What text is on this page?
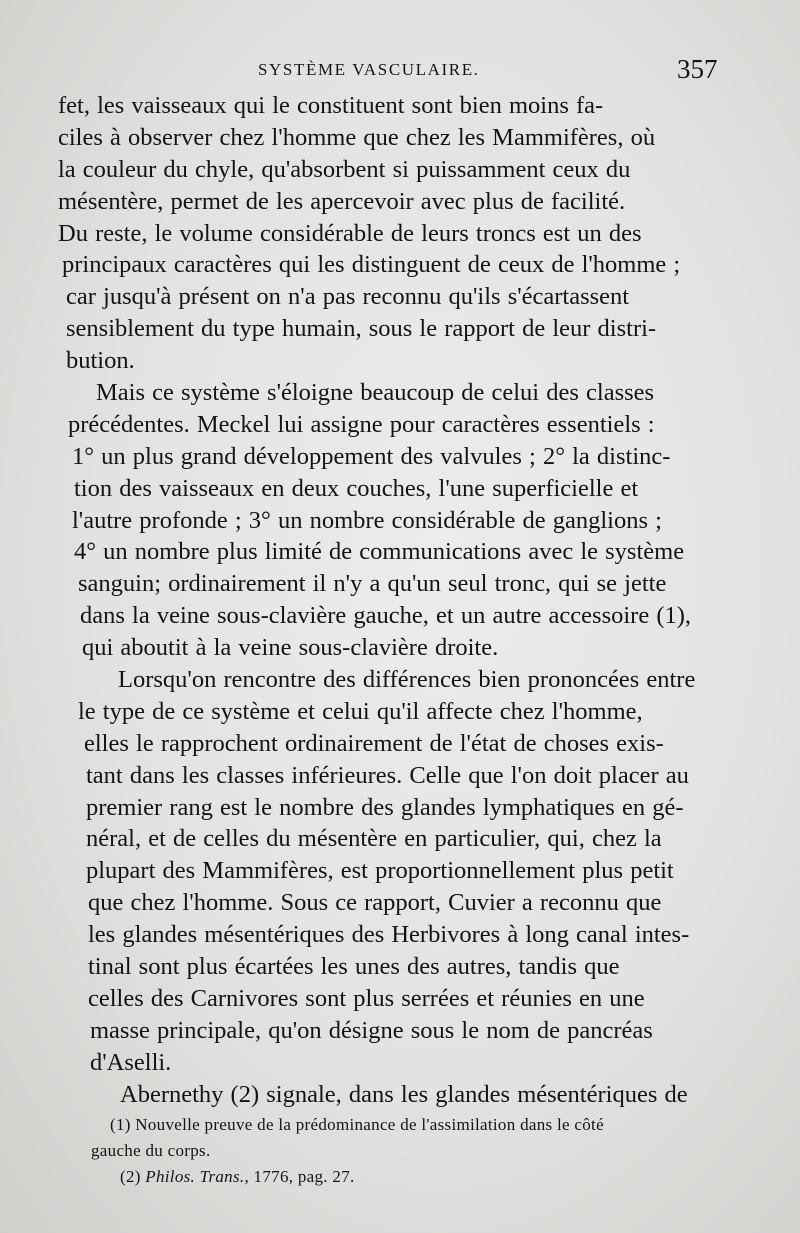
SYSTÈME VASCULAIRE.	357
fet, les vaisseaux qui le constituent sont bien moins fa-
ciles à observer chez l'homme que chez les Mammifères, où
la couleur du chyle, qu'absorbent si puissamment ceux du
mésentère, permet de les apercevoir avec plus de facilité.
Du reste, le volume considérable de leurs troncs est un des
principaux caractères qui les distinguent de ceux de l'homme ;
car jusqu'à présent on n'a pas reconnu qu'ils s'écartassent
sensiblement du type humain, sous le rapport de leur distri-
bution.
Mais ce système s'éloigne beaucoup de celui des classes
précédentes. Meckel lui assigne pour caractères essentiels :
1° un plus grand développement des valvules ; 2° la distinc-
tion des vaisseaux en deux couches, l'une superficielle et
l'autre profonde ; 3° un nombre considérable de ganglions ;
4° un nombre plus limité de communications avec le système
sanguin; ordinairement il n'y a qu'un seul tronc, qui se jette
dans la veine sous-clavière gauche, et un autre accessoire (1),
qui aboutit à la veine sous-clavière droite.
Lorsqu'on rencontre des différences bien prononcées entre
le type de ce système et celui qu'il affecte chez l'homme,
elles le rapprochent ordinairement de l'état de choses exis-
tant dans les classes inférieures. Celle que l'on doit placer au
premier rang est le nombre des glandes lymphatiques en gé-
néral, et de celles du mésentère en particulier, qui, chez la
plupart des Mammifères, est proportionnellement plus petit
que chez l'homme. Sous ce rapport, Cuvier a reconnu que
les glandes mésentériques des Herbivores à long canal intes-
tinal sont plus écartées les unes des autres, tandis que
celles des Carnivores sont plus serrées et réunies en une
masse principale, qu'on désigne sous le nom de pancréas
d'Aselli.
Abernethy (2) signale, dans les glandes mésentériques de
(1) Nouvelle preuve de la prédominance de l'assimilation dans le côté
gauche du corps.
(2) Philos. Trans., 1776, pag. 27.
